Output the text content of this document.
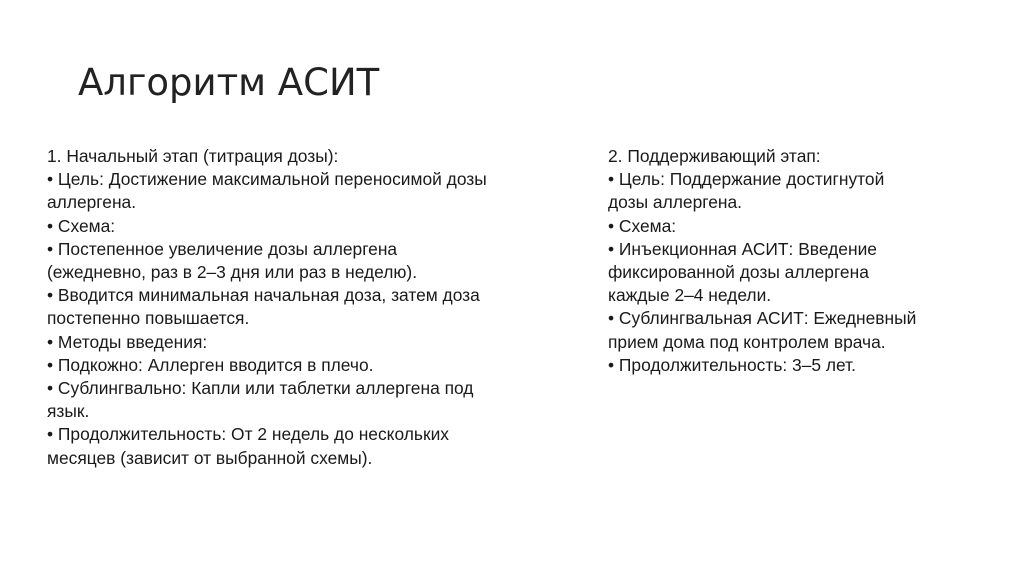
Алгоритм АСИТ
1. Начальный этап (титрация дозы):
• Цель: Достижение максимальной переносимой дозы аллергена.
• Схема:
• Постепенное увеличение дозы аллергена (ежедневно, раз в 2–3 дня или раз в неделю).
• Вводится минимальная начальная доза, затем доза постепенно повышается.
• Методы введения:
• Подкожно: Аллерген вводится в плечо.
• Сублингвально: Капли или таблетки аллергена под язык.
• Продолжительность: От 2 недель до нескольких месяцев (зависит от выбранной схемы).
2. Поддерживающий этап:
• Цель: Поддержание достигнутой дозы аллергена.
• Схема:
• Инъекционная АСИТ: Введение фиксированной дозы аллергена каждые 2–4 недели.
• Сублингвальная АСИТ: Ежедневный прием дома под контролем врача.
• Продолжительность: 3–5 лет.
